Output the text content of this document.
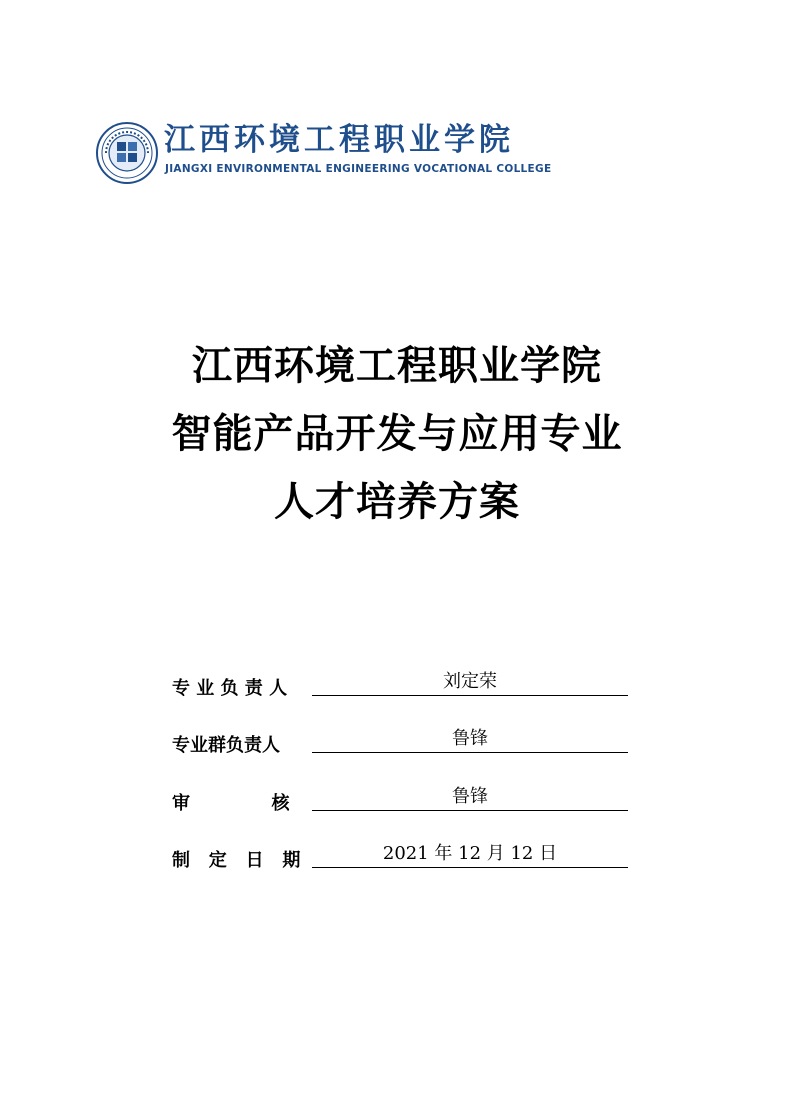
江西环境工程职业学院
JIANGXI ENVIRONMENTAL ENGINEERING VOCATIONAL COLLEGE
江西环境工程职业学院
智能产品开发与应用专业
人才培养方案
专 业 负 责 人	刘定荣
专业群负责人	鲁锋
审             核	鲁锋
制   定   日   期	2021 年 12 月 12 日
